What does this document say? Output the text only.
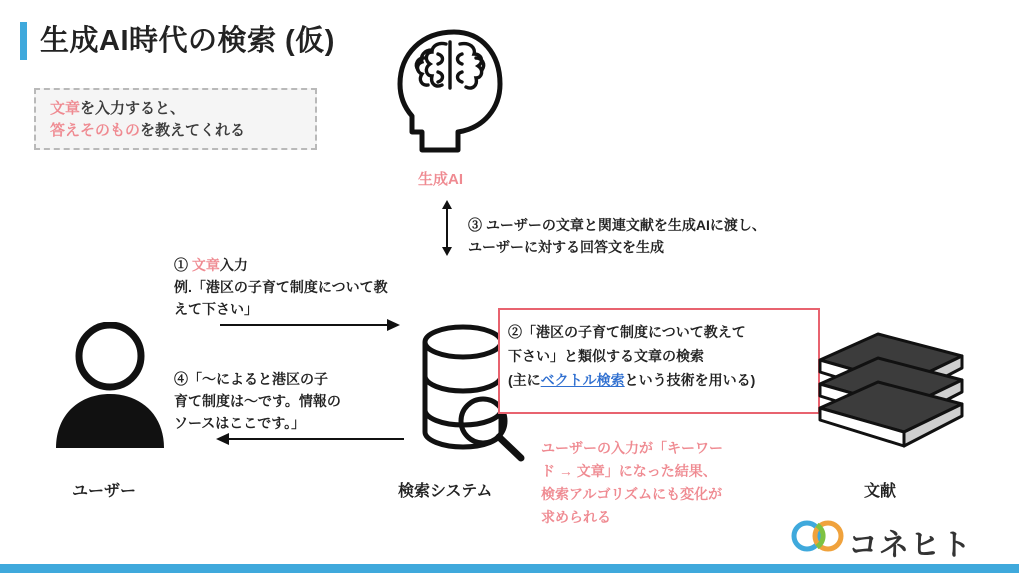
生成AI時代の検索 (仮)
文章を入力すると、
答えそのものを教えてくれる
生成AI
③ ユーザーの文章と関連文献を生成AIに渡し、
ユーザーに対する回答文を生成
① 文章入力
例.「港区の子育て制度について教
えて下さい」
④「〜によると港区の子
育て制度は〜です。情報の
ソースはここです。」
ユーザー	検索システム
②「港区の子育て制度について教えて
下さい」と類似する文章の検索
(主にベクトル検索という技術を用いる)
文献
ユーザーの入力が「キーワー
ド → 文章」になった結果、
検索アルゴリズムにも変化が
求められる
コネヒト
